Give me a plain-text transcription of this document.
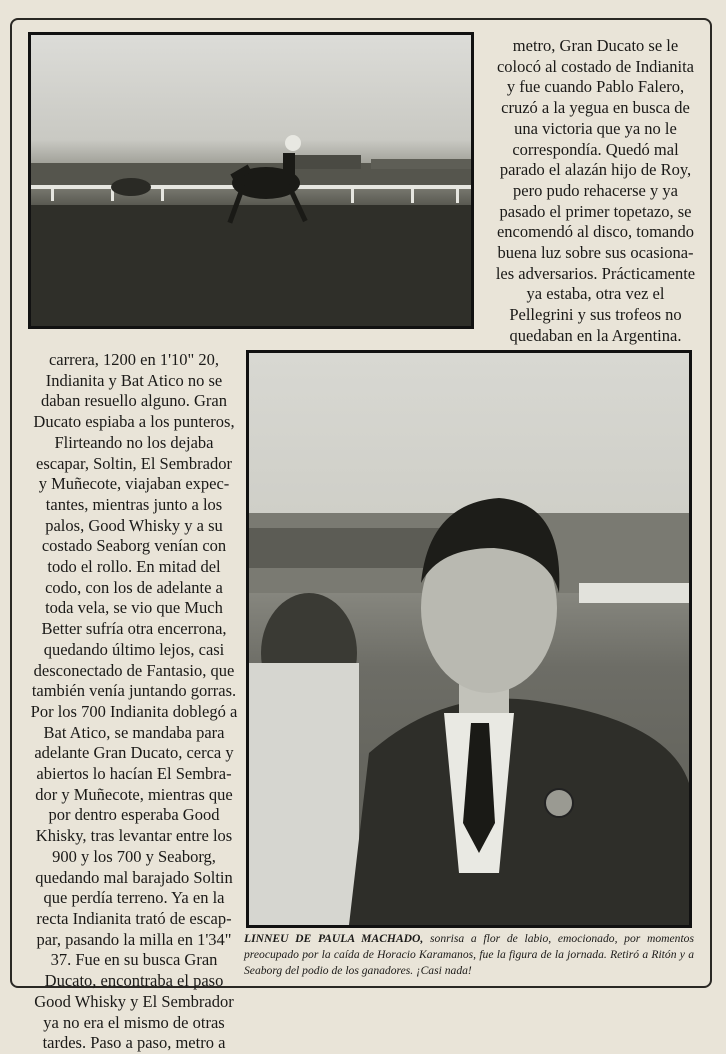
metro, Gran Ducato se le

colocó al costado de Indianita

y fue cuando Pablo Falero,

cruzó a la yegua en busca de

una victoria que ya no le

correspondía. Quedó mal

parado el alazán hijo de Roy,

pero pudo rehacerse y ya

pasado el primer topetazo, se

encomendó al disco, tomando

buena luz sobre sus ocasiona-

les adversarios. Prácticamente

ya estaba, otra vez el

Pellegrini y sus trofeos no

quedaban en la Argentina.

carrera, 1200 en 1'10" 20,

Indianita y Bat Atico no se

daban resuello alguno. Gran

Ducato espiaba a los punteros,

Flirteando no los dejaba

escapar, Soltin, El Sembrador

y Muñecote, viajaban expec-

tantes, mientras junto a los

palos, Good Whisky y a su

costado Seaborg venían con

todo el rollo. En mitad del

codo, con los de adelante a

toda vela, se vio que Much

Better sufría otra encerrona,

quedando último lejos, casi

desconectado de Fantasio, que

también venía juntando gorras.

Por los 700 Indianita doblegó a

Bat Atico, se mandaba para

adelante Gran Ducato, cerca y

abiertos lo hacían El Sembra-

dor y Muñecote, mientras que

por dentro esperaba Good

Khisky, tras levantar entre los

900 y los 700 y Seaborg,

quedando mal barajado Soltin

que perdía terreno. Ya en la

recta Indianita trató de escap-

par, pasando la milla en 1'34"

37. Fue en su busca Gran

Ducato, encontraba el paso

Good Whisky y El Sembrador

ya no era el mismo de otras

tardes. Paso a paso, metro a

LINNEU DE PAULA MACHADO, sonrisa a flor de labio, emocionado, por momentos preocupado por la caída de Horacio Karamanos, fue la figura de la jornada. Retiró a Ritón y a Seaborg del podio de los ganadores. ¡Casi nada!
